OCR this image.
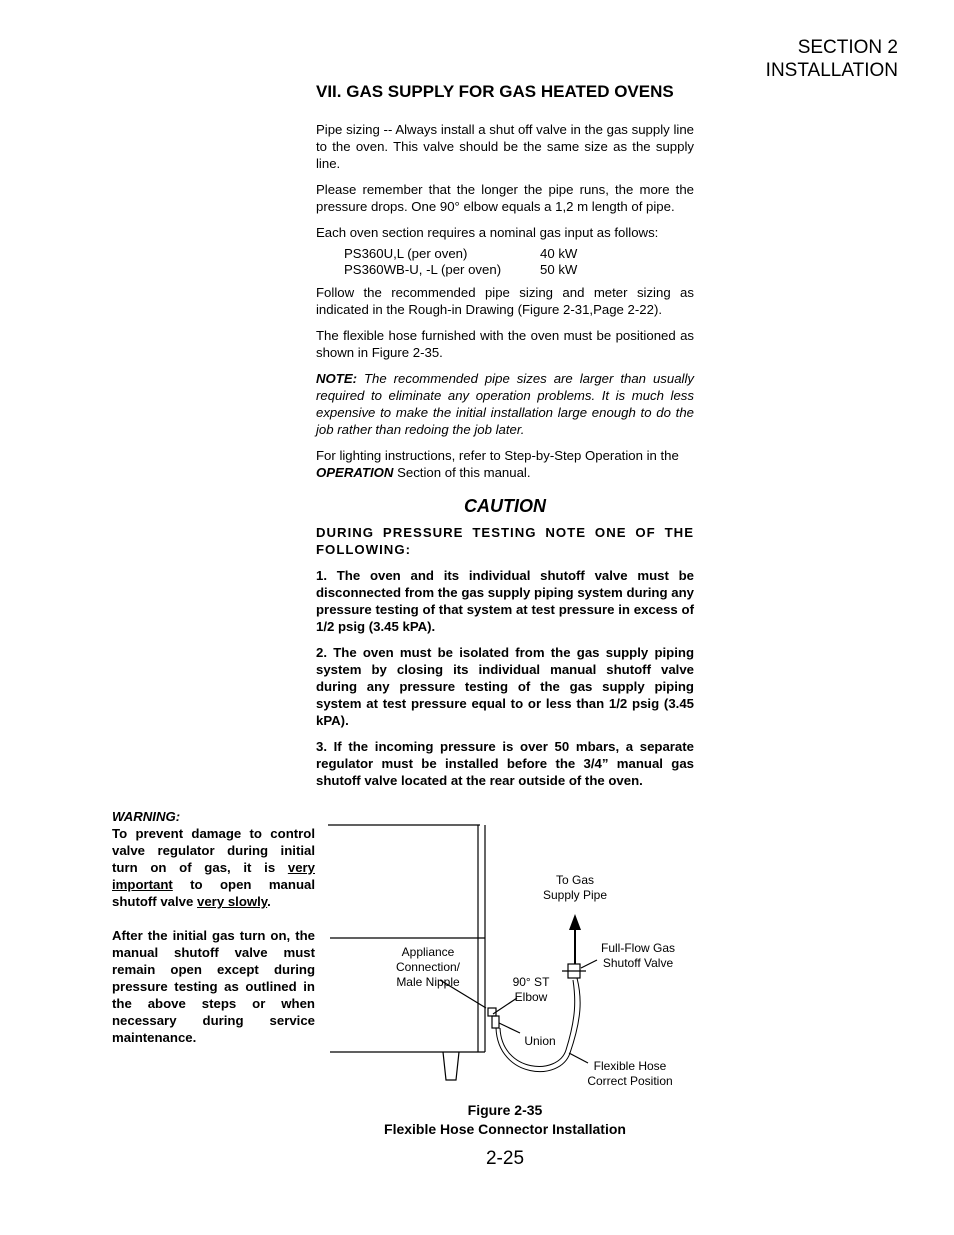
SECTION 2
INSTALLATION
VII. GAS SUPPLY FOR GAS HEATED OVENS

Pipe sizing -- Always install a shut off valve in the gas supply line to the oven. This valve should be the same size as the supply line.

Please remember that the longer the pipe runs, the more the pressure drops. One 90° elbow equals a 1,2 m length of pipe.

Each oven section requires a nominal gas input as follows:

PS360U,L (per oven)	40 kW
PS360WB-U, -L (per oven)	50 kW

Follow the recommended pipe sizing and meter sizing as indicated in the Rough-in Drawing (Figure 2-31,Page 2-22).

The flexible hose furnished with the oven must be positioned as shown in Figure 2-35.

NOTE: The recommended pipe sizes are larger than usually required to eliminate any operation problems. It is much less expensive to make the initial installation large enough to do the job rather than redoing the job later.

For lighting instructions, refer to Step-by-Step Operation in the OPERATION Section of this manual.

CAUTION

DURING PRESSURE TESTING NOTE ONE OF THE FOLLOWING:

1. The oven and its individual shutoff valve must be disconnected from the gas supply piping system during any pressure testing of that system at test pressure in excess of 1/2 psig (3.45 kPA).

2. The oven must be isolated from the gas supply piping system by closing its individual manual shutoff valve during any pressure testing of the gas supply piping system at test pressure equal to or less than 1/2 psig (3.45 kPA).

3. If the incoming pressure is over 50 mbars, a separate regulator must be installed before the 3/4” manual gas shutoff valve located at the rear outside of the oven.

WARNING:

To prevent damage to control valve regulator during initial turn on of gas, it is very important to open manual shutoff valve very slowly.

After the initial gas turn on, the manual shutoff valve must remain open except during pressure testing as outlined in the above steps or when necessary during service maintenance.

To Gas
Supply Pipe
Full-Flow Gas
Shutoff Valve
Appliance
Connection/
Male Nipple	90° ST
Elbow
Union
Flexible Hose
Correct Position
Figure 2-35
Flexible Hose Connector Installation
2-25
